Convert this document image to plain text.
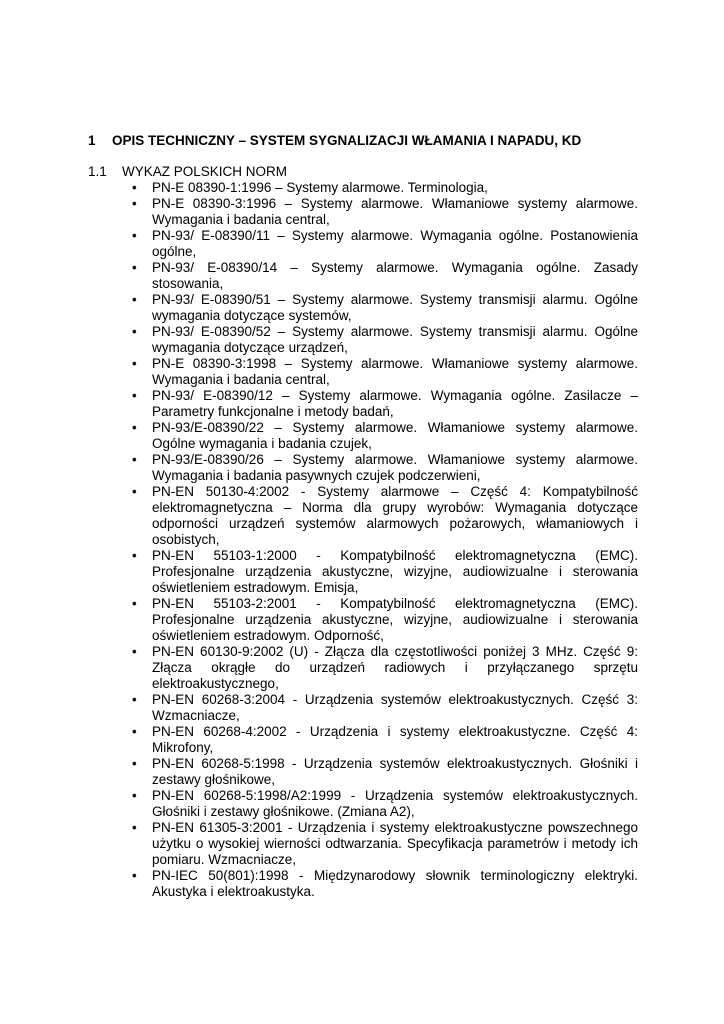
1 OPIS TECHNICZNY – SYSTEM SYGNALIZACJI WŁAMANIA I NAPADU, KD
1.1 WYKAZ POLSKICH NORM
• PN-E 08390-1:1996 – Systemy alarmowe. Terminologia,
• PN-E 08390-3:1996 – Systemy alarmowe. Włamaniowe systemy alarmowe. Wymagania i badania central,
• PN-93/ E-08390/11 – Systemy alarmowe. Wymagania ogólne. Postanowienia ogólne,
• PN-93/ E-08390/14 – Systemy alarmowe. Wymagania ogólne. Zasady stosowania,
• PN-93/ E-08390/51 – Systemy alarmowe. Systemy transmisji alarmu. Ogólne wymagania dotyczące systemów,
• PN-93/ E-08390/52 – Systemy alarmowe. Systemy transmisji alarmu. Ogólne wymagania dotyczące urządzeń,
• PN-E 08390-3:1998 – Systemy alarmowe. Włamaniowe systemy alarmowe. Wymagania i badania central,
• PN-93/ E-08390/12 – Systemy alarmowe. Wymagania ogólne. Zasilacze – Parametry funkcjonalne i metody badań,
• PN-93/E-08390/22 – Systemy alarmowe. Włamaniowe systemy alarmowe. Ogólne wymagania i badania czujek,
• PN-93/E-08390/26 – Systemy alarmowe. Włamaniowe systemy alarmowe. Wymagania i badania pasywnych czujek podczerwieni,
• PN-EN 50130-4:2002 - Systemy alarmowe – Część 4: Kompatybilność elektromagnetyczna – Norma dla grupy wyrobów: Wymagania dotyczące odporności urządzeń systemów alarmowych pożarowych, włamaniowych i osobistych,
• PN-EN 55103-1:2000 - Kompatybilność elektromagnetyczna (EMC). Profesjonalne urządzenia akustyczne, wizyjne, audiowizualne i sterowania oświetleniem estradowym. Emisja,
• PN-EN 55103-2:2001 - Kompatybilność elektromagnetyczna (EMC). Profesjonalne urządzenia akustyczne, wizyjne, audiowizualne i sterowania oświetleniem estradowym. Odporność,
• PN-EN 60130-9:2002 (U) - Złącza dla częstotliwości poniżej 3 MHz. Część 9: Złącza okrągłe do urządzeń radiowych i przyłączanego sprzętu elektroakustycznego,
• PN-EN 60268-3:2004 - Urządzenia systemów elektroakustycznych. Część 3: Wzmacniacze,
• PN-EN 60268-4:2002 - Urządzenia i systemy elektroakustyczne. Część 4: Mikrofony,
• PN-EN 60268-5:1998 - Urządzenia systemów elektroakustycznych. Głośniki i zestawy głośnikowe,
• PN-EN 60268-5:1998/A2:1999 - Urządzenia systemów elektroakustycznych. Głośniki i zestawy głośnikowe. (Zmiana A2),
• PN-EN 61305-3:2001 - Urządzenia i systemy elektroakustyczne powszechnego użytku o wysokiej wierności odtwarzania. Specyfikacja parametrów i metody ich pomiaru. Wzmacniacze,
• PN-IEC 50(801):1998 - Międzynarodowy słownik terminologiczny elektryki. Akustyka i elektroakustyka.
